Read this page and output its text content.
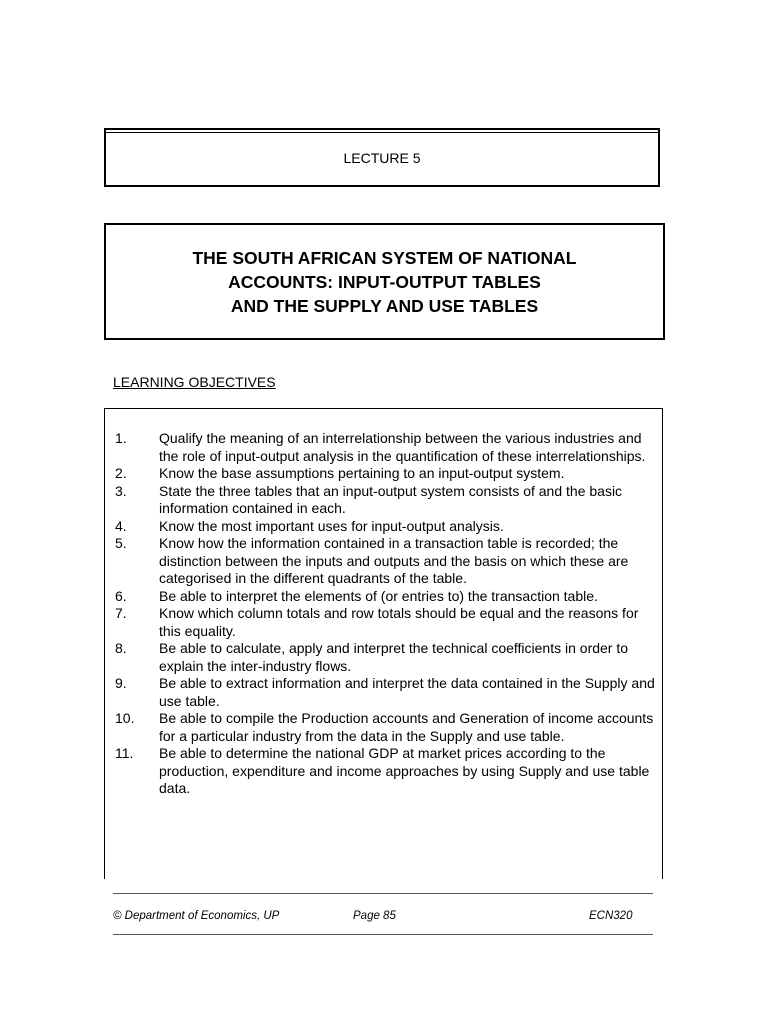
LECTURE 5
THE SOUTH AFRICAN SYSTEM OF NATIONAL
ACCOUNTS: INPUT-OUTPUT TABLES
AND THE SUPPLY AND USE TABLES
LEARNING OBJECTIVES
1.	Qualify the meaning of an interrelationship between the various industries and the role of input-output analysis in the quantification of these interrelationships.
2.	Know the base assumptions pertaining to an input-output system.
3.	State the three tables that an input-output system consists of and the basic information contained in each.
4.	Know the most important uses for input-output analysis.
5.	Know how the information contained in a transaction table is recorded; the distinction between the inputs and outputs and the basis on which these are categorised in the different quadrants of the table.
6.	Be able to interpret the elements of (or entries to) the transaction table.
7.	Know which column totals and row totals should be equal and the reasons for this equality.
8.	Be able to calculate, apply and interpret the technical coefficients in order to explain the inter-industry flows.
9.	Be able to extract information and interpret the data contained in the Supply and use table.
10.	Be able to compile the Production accounts and Generation of income accounts for a particular industry from the data in the Supply and use table.
11.	Be able to determine the national GDP at market prices according to the production, expenditure and income approaches by using Supply and use table data.
© Department of Economics, UP	Page 85	ECN320
